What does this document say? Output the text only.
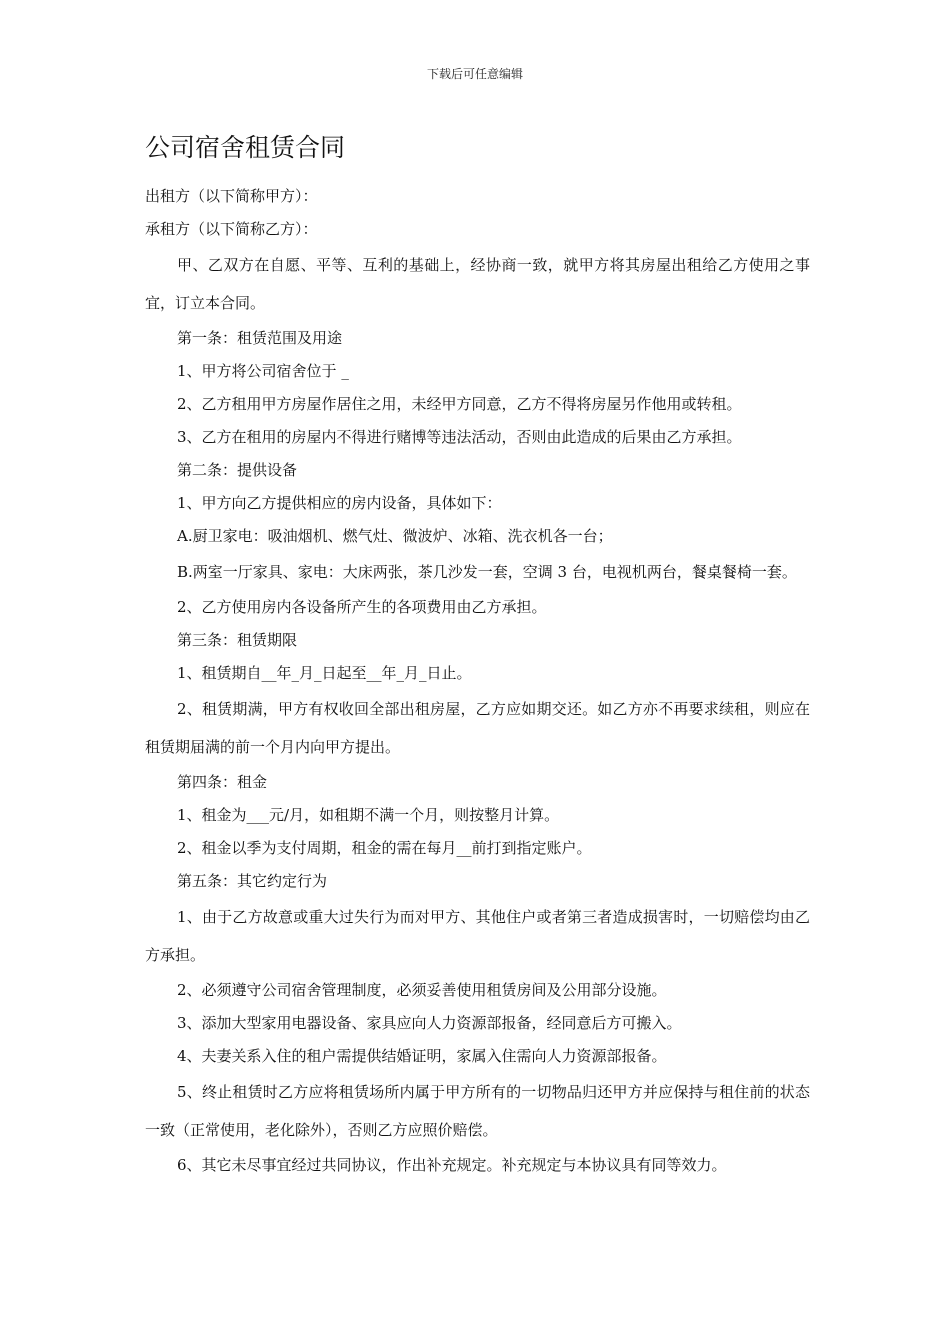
下载后可任意编辑
公司宿舍租赁合同

出租方（以下简称甲方）：

承租方（以下简称乙方）：

甲、乙双方在自愿、平等、互利的基础上，经协商一致，就甲方将其房屋出租给乙方使用之事宜，订立本合同。

第一条：租赁范围及用途

1、甲方将公司宿舍位于 _

2、乙方租用甲方房屋作居住之用，未经甲方同意，乙方不得将房屋另作他用或转租。

3、乙方在租用的房屋内不得进行赌博等违法活动，否则由此造成的后果由乙方承担。

第二条：提供设备

1、甲方向乙方提供相应的房内设备，具体如下：

A.厨卫家电：吸油烟机、燃气灶、微波炉、冰箱、洗衣机各一台；

B.两室一厅家具、家电：大床两张，茶几沙发一套，空调 3 台，电视机两台，餐桌餐椅一套。

2、乙方使用房内各设备所产生的各项费用由乙方承担。

第三条：租赁期限

1、租赁期自__年_月_日起至__年_月_日止。

2、租赁期满，甲方有权收回全部出租房屋，乙方应如期交还。如乙方亦不再要求续租，则应在租赁期届满的前一个月内向甲方提出。

第四条：租金

1、租金为___元/月，如租期不满一个月，则按整月计算。

2、租金以季为支付周期，租金的需在每月__前打到指定账户。

第五条：其它约定行为

1、由于乙方故意或重大过失行为而对甲方、其他住户或者第三者造成损害时，一切赔偿均由乙方承担。

2、必须遵守公司宿舍管理制度，必须妥善使用租赁房间及公用部分设施。

3、添加大型家用电器设备、家具应向人力资源部报备，经同意后方可搬入。

4、夫妻关系入住的租户需提供结婚证明，家属入住需向人力资源部报备。

5、终止租赁时乙方应将租赁场所内属于甲方所有的一切物品归还甲方并应保持与租住前的状态一致（正常使用，老化除外），否则乙方应照价赔偿。

6、其它未尽事宜经过共同协议，作出补充规定。补充规定与本协议具有同等效力。
